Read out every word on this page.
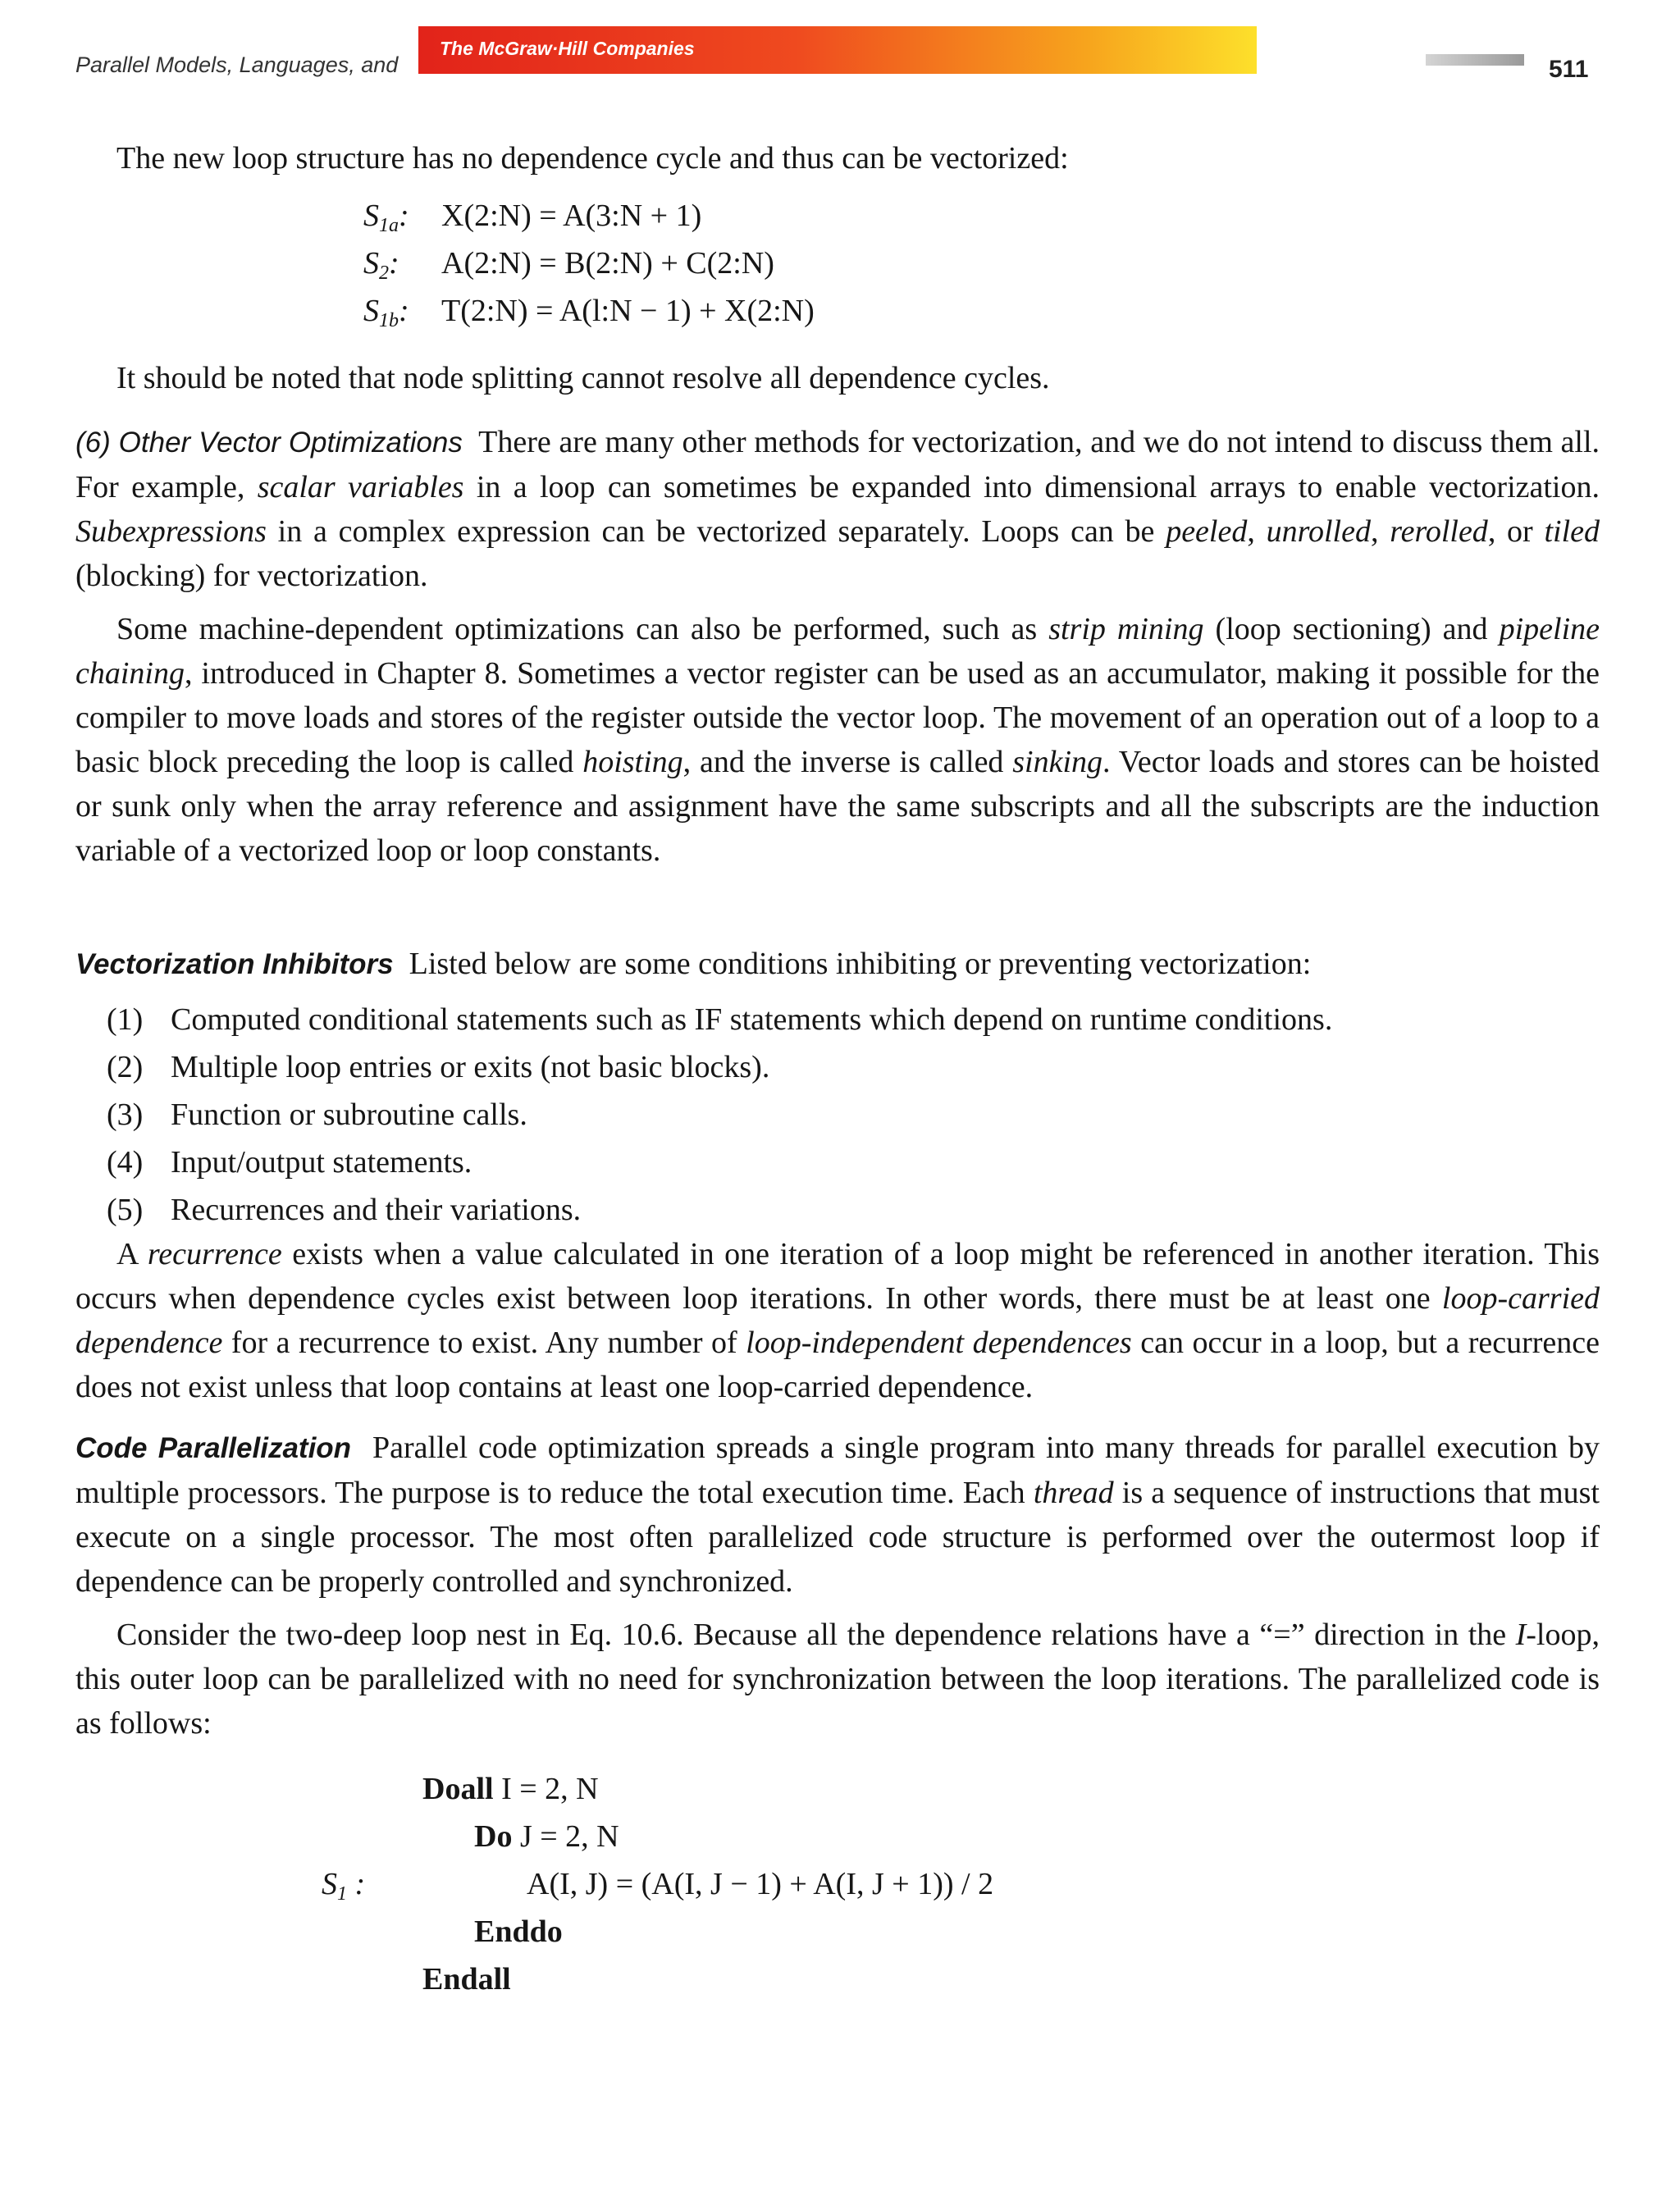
Parallel Models, Languages, and
The McGraw·Hill Companies
511

The new loop structure has no dependence cycle and thus can be vectorized:

$S_{1a}$: X(2:N) = A(3:N + 1)
$S_2$: A(2:N) = B(2:N) + C(2:N)
$S_{1b}$: T(2:N) = A(l:N − 1) + X(2:N)

It should be noted that node splitting cannot resolve all dependence cycles.

(6) Other Vector Optimizations There are many other methods for vectorization, and we do not intend to discuss them all. For example, scalar variables in a loop can sometimes be expanded into dimensional arrays to enable vectorization. Subexpressions in a complex expression can be vectorized separately. Loops can be peeled, unrolled, rerolled, or tiled (blocking) for vectorization.

Some machine-dependent optimizations can also be performed, such as strip mining (loop sectioning) and pipeline chaining, introduced in Chapter 8. Sometimes a vector register can be used as an accumulator, making it possible for the compiler to move loads and stores of the register outside the vector loop. The movement of an operation out of a loop to a basic block preceding the loop is called hoisting, and the inverse is called sinking. Vector loads and stores can be hoisted or sunk only when the array reference and assignment have the same subscripts and all the subscripts are the induction variable of a vectorized loop or loop constants.

Vectorization Inhibitors Listed below are some conditions inhibiting or preventing vectorization:

(1) Computed conditional statements such as IF statements which depend on runtime conditions.
(2) Multiple loop entries or exits (not basic blocks).
(3) Function or subroutine calls.
(4) Input/output statements.
(5) Recurrences and their variations.

A recurrence exists when a value calculated in one iteration of a loop might be referenced in another iteration. This occurs when dependence cycles exist between loop iterations. In other words, there must be at least one loop-carried dependence for a recurrence to exist. Any number of loop-independent dependences can occur in a loop, but a recurrence does not exist unless that loop contains at least one loop-carried dependence.

Code Parallelization Parallel code optimization spreads a single program into many threads for parallel execution by multiple processors. The purpose is to reduce the total execution time. Each thread is a sequence of instructions that must execute on a single processor. The most often parallelized code structure is performed over the outermost loop if dependence can be properly controlled and synchronized.

Consider the two-deep loop nest in Eq. 10.6. Because all the dependence relations have a “=” direction in the I-loop, this outer loop can be parallelized with no need for synchronization between the loop iterations. The parallelized code is as follows:

Doall I = 2, N
Do J = 2, N
$S_1$ :	A(I, J) = (A(I, J − 1) + A(I, J + 1)) / 2
Enddo
Endall
